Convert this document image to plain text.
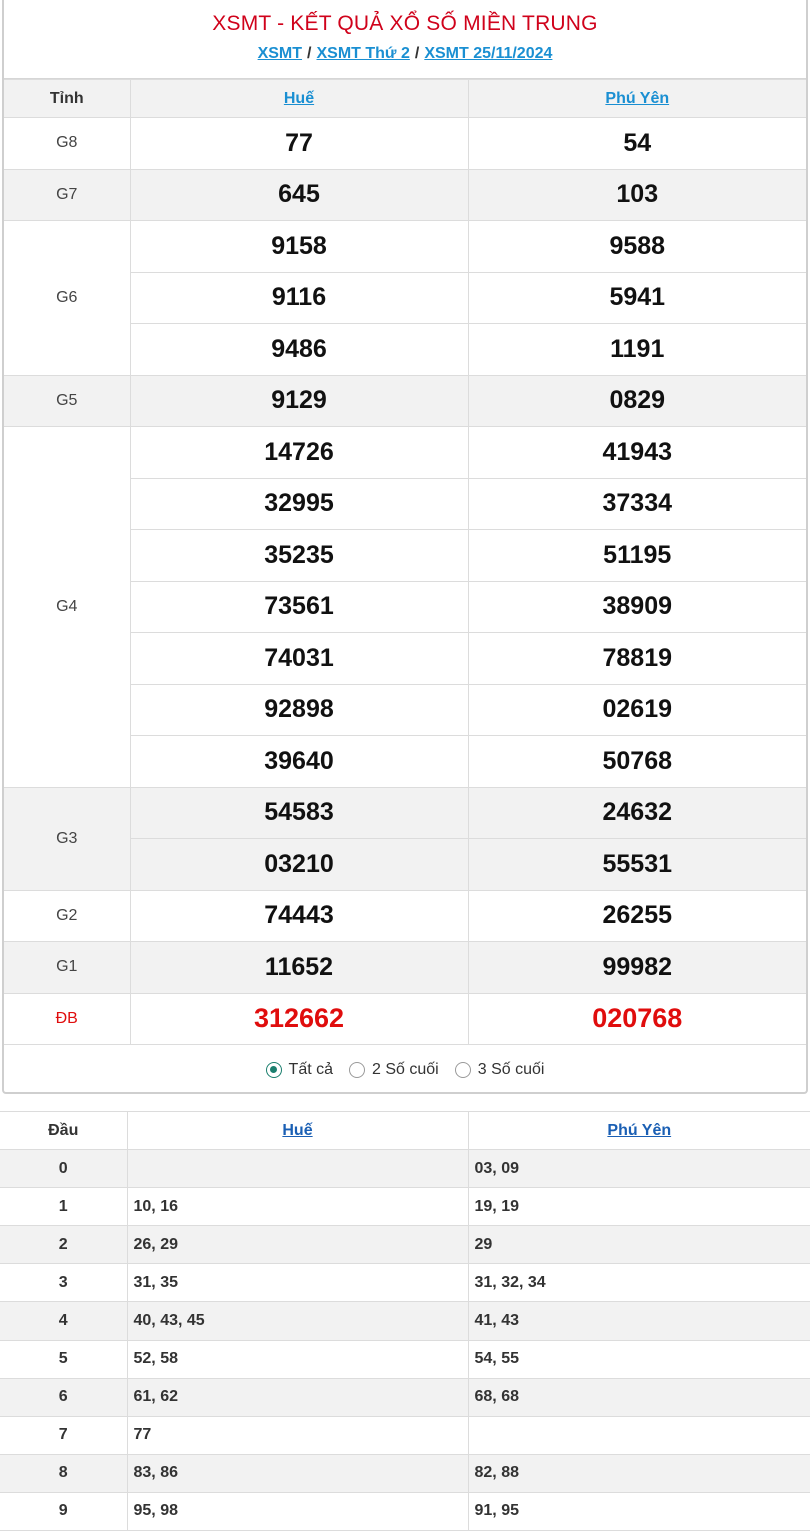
XSMT - KẾT QUẢ XỔ SỐ MIỀN TRUNG
XSMT / XSMT Thứ 2 / XSMT 25/11/2024
Tỉnh	Huế	Phú Yên
G8	77	54
G7	645	103
G6	9158	9588
	9116	5941
	9486	1191
G5	9129	0829
G4	14726	41943
	32995	37334
	35235	51195
	73561	38909
	74031	78819
	92898	02619
	39640	50768
G3	54583	24632
	03210	55531
G2	74443	26255
G1	11652	99982
ĐB	312662	020768
Tất cả 2 Số cuối 3 Số cuối
Đầu	Huế	Phú Yên
0		03, 09
1	10, 16	19, 19
2	26, 29	29
3	31, 35	31, 32, 34
4	40, 43, 45	41, 43
5	52, 58	54, 55
6	61, 62	68, 68
7	77	
8	83, 86	82, 88
9	95, 98	91, 95
